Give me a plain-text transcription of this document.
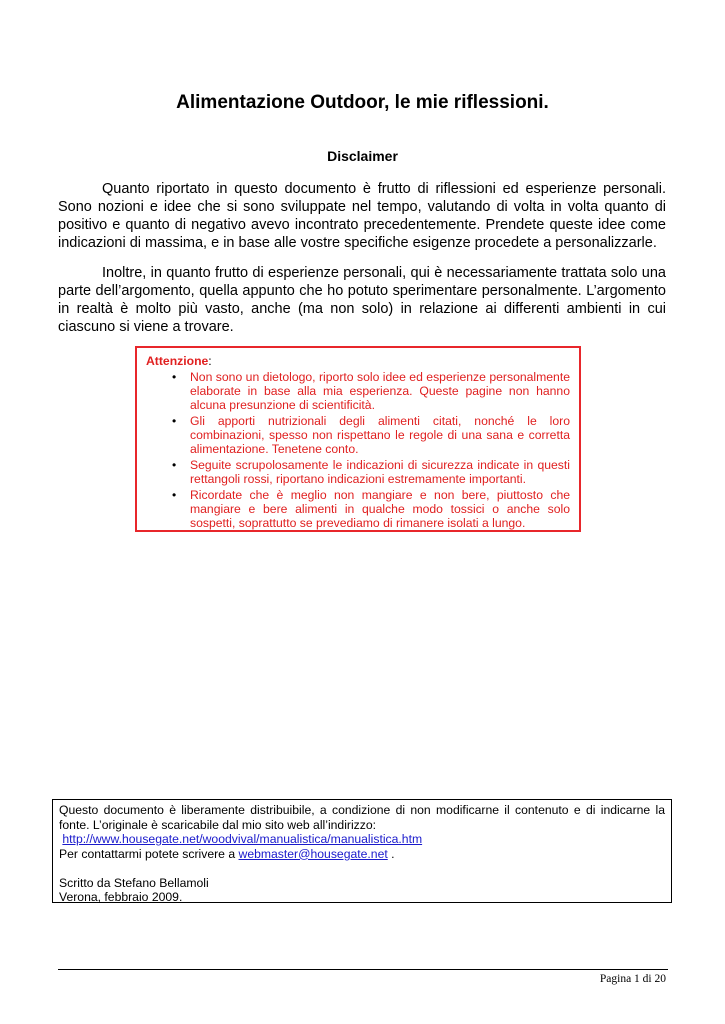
Alimentazione Outdoor, le mie riflessioni.
Disclaimer

Quanto riportato in questo documento è frutto di riflessioni ed esperienze personali. Sono nozioni e idee che si sono sviluppate nel tempo, valutando di volta in volta quanto di positivo e quanto di negativo avevo incontrato precedentemente. Prendete queste idee come indicazioni di massima, e in base alle vostre specifiche esigenze procedete a personalizzarle.

Inoltre, in quanto frutto di esperienze personali, qui è necessariamente trattata solo una parte dell’argomento, quella appunto che ho potuto sperimentare personalmente. L’argomento in realtà è molto più vasto, anche (ma non solo) in relazione ai differenti ambienti in cui ciascuno si viene a trovare.

Attenzione:
• Non sono un dietologo, riporto solo idee ed esperienze personalmente elaborate in base alla mia esperienza. Queste pagine non hanno alcuna presunzione di scientificità.
• Gli apporti nutrizionali degli alimenti citati, nonché le loro combinazioni, spesso non rispettano le regole di una sana e corretta alimentazione. Tenetene conto.
• Seguite scrupolosamente le indicazioni di sicurezza indicate in questi rettangoli rossi, riportano indicazioni estremamente importanti.
• Ricordate che è meglio non mangiare e non bere, piuttosto che mangiare e bere alimenti in qualche modo tossici o anche solo sospetti, soprattutto se prevediamo di rimanere isolati a lungo.
Questo documento è liberamente distribuibile, a condizione di non modificarne il contenuto e di indicarne la fonte. L’originale è scaricabile dal mio sito web all’indirizzo:
http://www.housegate.net/woodvival/manualistica/manualistica.htm
Per contattarmi potete scrivere a webmaster@housegate.net .
Scritto da Stefano Bellamoli
Verona, febbraio 2009.
Pagina 1 di 20
